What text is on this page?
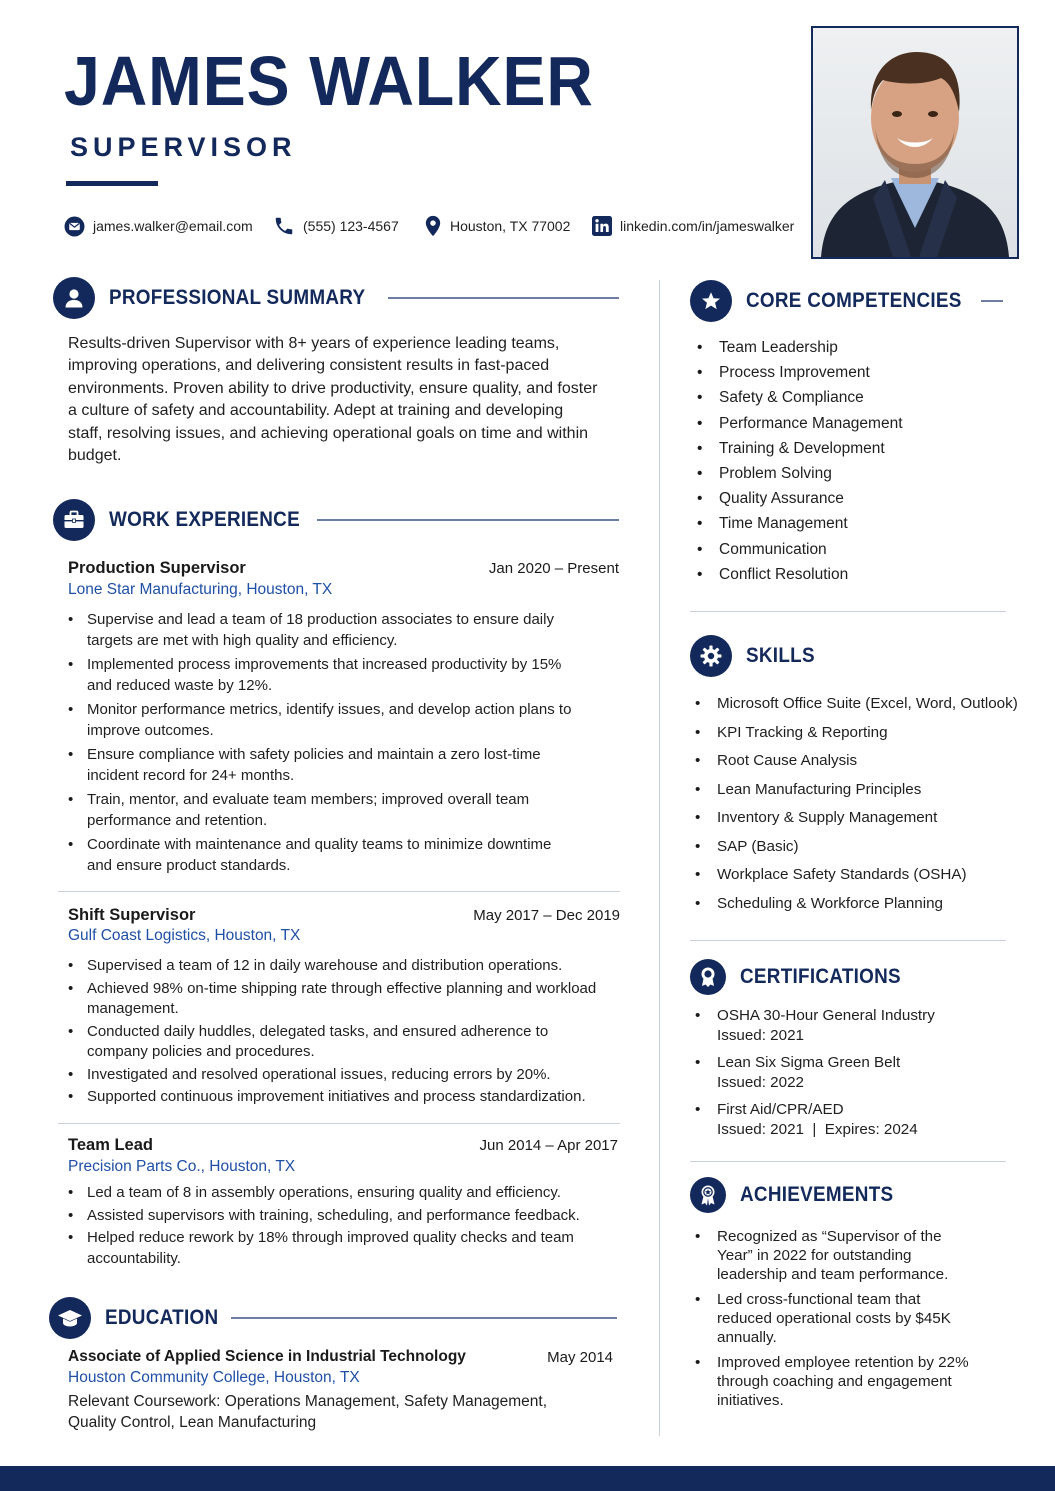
JAMES WALKER
SUPERVISOR
james.walker@email.com	(555) 123-4567	Houston, TX 77002	linkedin.com/in/jameswalker
PROFESSIONAL SUMMARY
Results-driven Supervisor with 8+ years of experience leading teams, improving operations, and delivering consistent results in fast-paced environments. Proven ability to drive productivity, ensure quality, and foster a culture of safety and accountability. Adept at training and developing staff, resolving issues, and achieving operational goals on time and within budget.
WORK EXPERIENCE
Production Supervisor	Jan 2020 – Present
Lone Star Manufacturing, Houston, TX
• Supervise and lead a team of 18 production associates to ensure daily targets are met with high quality and efficiency.
• Implemented process improvements that increased productivity by 15% and reduced waste by 12%.
• Monitor performance metrics, identify issues, and develop action plans to improve outcomes.
• Ensure compliance with safety policies and maintain a zero lost-time incident record for 24+ months.
• Train, mentor, and evaluate team members; improved overall team performance and retention.
• Coordinate with maintenance and quality teams to minimize downtime and ensure product standards.
Shift Supervisor	May 2017 – Dec 2019
Gulf Coast Logistics, Houston, TX
• Supervised a team of 12 in daily warehouse and distribution operations.
• Achieved 98% on-time shipping rate through effective planning and workload management.
• Conducted daily huddles, delegated tasks, and ensured adherence to company policies and procedures.
• Investigated and resolved operational issues, reducing errors by 20%.
• Supported continuous improvement initiatives and process standardization.
Team Lead	Jun 2014 – Apr 2017
Precision Parts Co., Houston, TX
• Led a team of 8 in assembly operations, ensuring quality and efficiency.
• Assisted supervisors with training, scheduling, and performance feedback.
• Helped reduce rework by 18% through improved quality checks and team accountability.
EDUCATION
Associate of Applied Science in Industrial Technology	May 2014
Houston Community College, Houston, TX
Relevant Coursework: Operations Management, Safety Management, Quality Control, Lean Manufacturing
CORE COMPETENCIES
• Team Leadership
• Process Improvement
• Safety & Compliance
• Performance Management
• Training & Development
• Problem Solving
• Quality Assurance
• Time Management
• Communication
• Conflict Resolution
SKILLS
• Microsoft Office Suite (Excel, Word, Outlook)
• KPI Tracking & Reporting
• Root Cause Analysis
• Lean Manufacturing Principles
• Inventory & Supply Management
• SAP (Basic)
• Workplace Safety Standards (OSHA)
• Scheduling & Workforce Planning
CERTIFICATIONS
• OSHA 30-Hour General Industry
Issued: 2021
• Lean Six Sigma Green Belt
Issued: 2022
• First Aid/CPR/AED
Issued: 2021  |  Expires: 2024
ACHIEVEMENTS
• Recognized as “Supervisor of the Year” in 2022 for outstanding leadership and team performance.
• Led cross-functional team that reduced operational costs by $45K annually.
• Improved employee retention by 22% through coaching and engagement initiatives.
